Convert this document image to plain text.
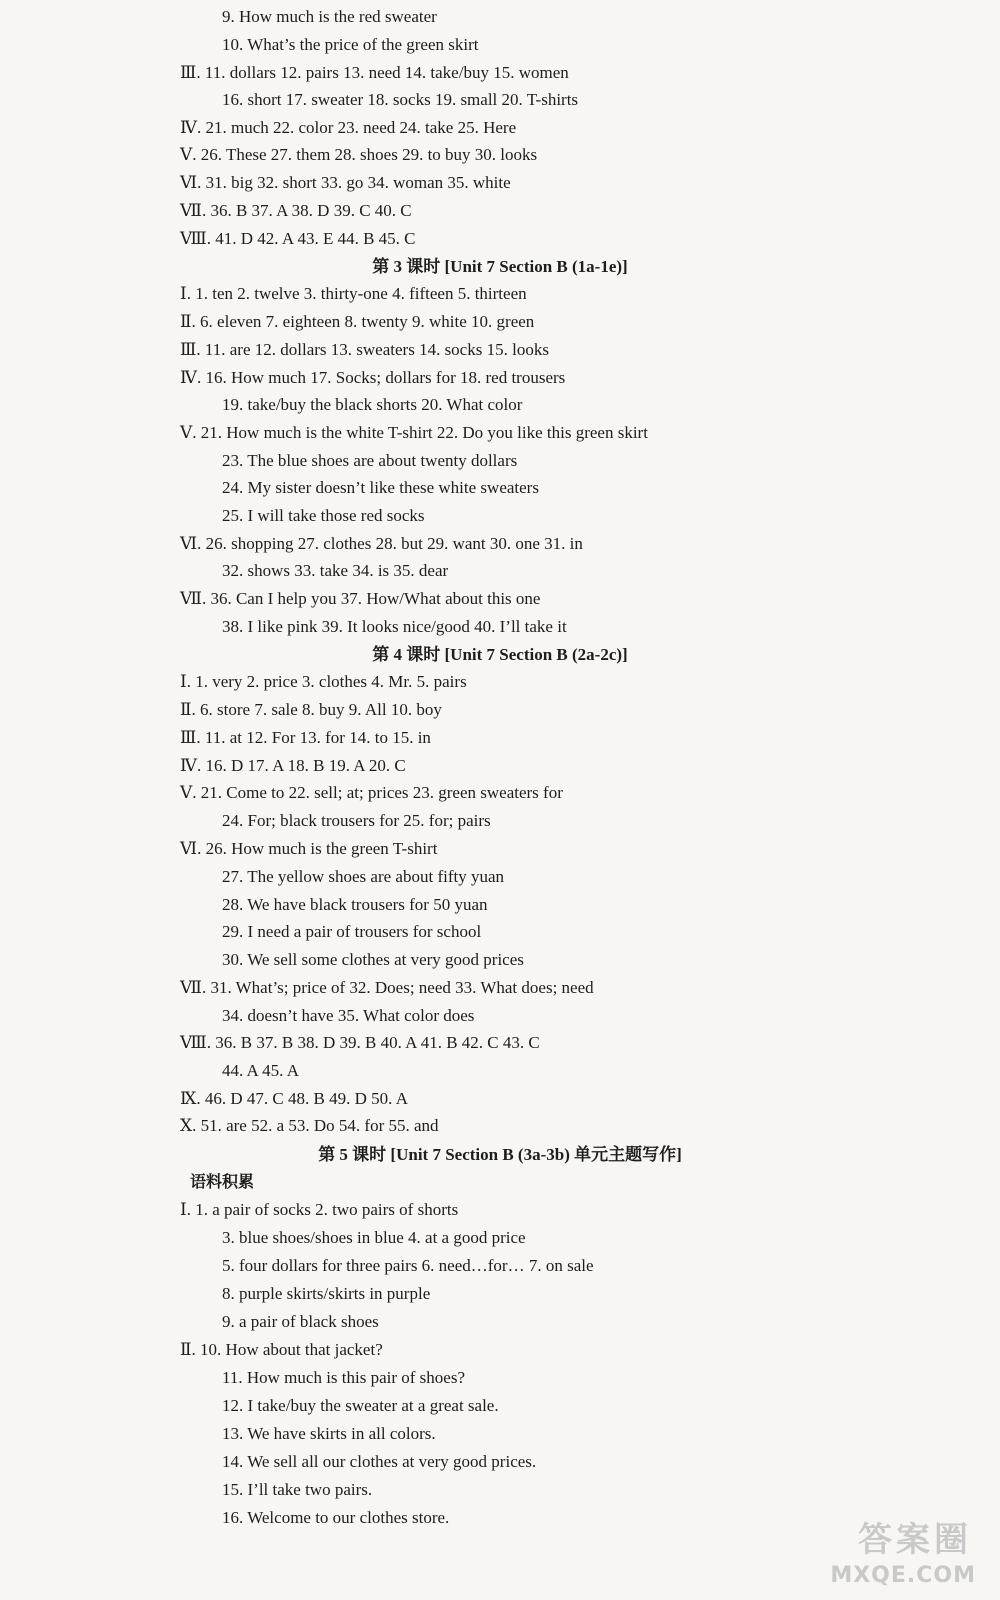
9. How much is the red sweater
10. What’s the price of the green skirt
Ⅲ. 11. dollars 12. pairs 13. need 14. take/buy 15. women
16. short 17. sweater 18. socks 19. small 20. T-shirts
Ⅳ. 21. much 22. color 23. need 24. take 25. Here
Ⅴ. 26. These 27. them 28. shoes 29. to buy 30. looks
Ⅵ. 31. big 32. short 33. go 34. woman 35. white
Ⅶ. 36. B 37. A 38. D 39. C 40. C
Ⅷ. 41. D 42. A 43. E 44. B 45. C
Ⅰ. 1. ten 2. twelve 3. thirty-one 4. fifteen 5. thirteen
Ⅱ. 6. eleven 7. eighteen 8. twenty 9. white 10. green
Ⅲ. 11. are 12. dollars 13. sweaters 14. socks 15. looks
Ⅳ. 16. How much 17. Socks; dollars for 18. red trousers
19. take/buy the black shorts 20. What color
Ⅴ. 21. How much is the white T-shirt 22. Do you like this green skirt
23. The blue shoes are about twenty dollars
24. My sister doesn’t like these white sweaters
25. I will take those red socks
Ⅵ. 26. shopping 27. clothes 28. but 29. want 30. one 31. in
32. shows 33. take 34. is 35. dear
Ⅶ. 36. Can I help you 37. How/What about this one
38. I like pink 39. It looks nice/good 40. I’ll take it
Ⅰ. 1. very 2. price 3. clothes 4. Mr. 5. pairs
Ⅱ. 6. store 7. sale 8. buy 9. All 10. boy
Ⅲ. 11. at 12. For 13. for 14. to 15. in
Ⅳ. 16. D 17. A 18. B 19. A 20. C
Ⅴ. 21. Come to 22. sell; at; prices 23. green sweaters for
24. For; black trousers for 25. for; pairs
Ⅵ. 26. How much is the green T-shirt
27. The yellow shoes are about fifty yuan
28. We have black trousers for 50 yuan
29. I need a pair of trousers for school
30. We sell some clothes at very good prices
Ⅶ. 31. What’s; price of 32. Does; need 33. What does; need
34. doesn’t have 35. What color does
Ⅷ. 36. B 37. B 38. D 39. B 40. A 41. B 42. C 43. C
44. A 45. A
Ⅸ. 46. D 47. C 48. B 49. D 50. A
Ⅹ. 51. are 52. a 53. Do 54. for 55. and
Ⅰ. 1. a pair of socks 2. two pairs of shorts
3. blue shoes/shoes in blue 4. at a good price
5. four dollars for three pairs 6. need…for… 7. on sale
8. purple skirts/skirts in purple
9. a pair of black shoes
Ⅱ. 10. How about that jacket?
11. How much is this pair of shoes?
12. I take/buy the sweater at a great sale.
13. We have skirts in all colors.
14. We sell all our clothes at very good prices.
15. I’ll take two pairs.
16. Welcome to our clothes store.
第 3 课时 [Unit 7 Section B (1a-1e)]
第 4 课时 [Unit 7 Section B (2a-2c)]
第 5 课时 [Unit 7 Section B (3a-3b) 单元主题写作]
语料积累
答案圈
MXQE.COM
